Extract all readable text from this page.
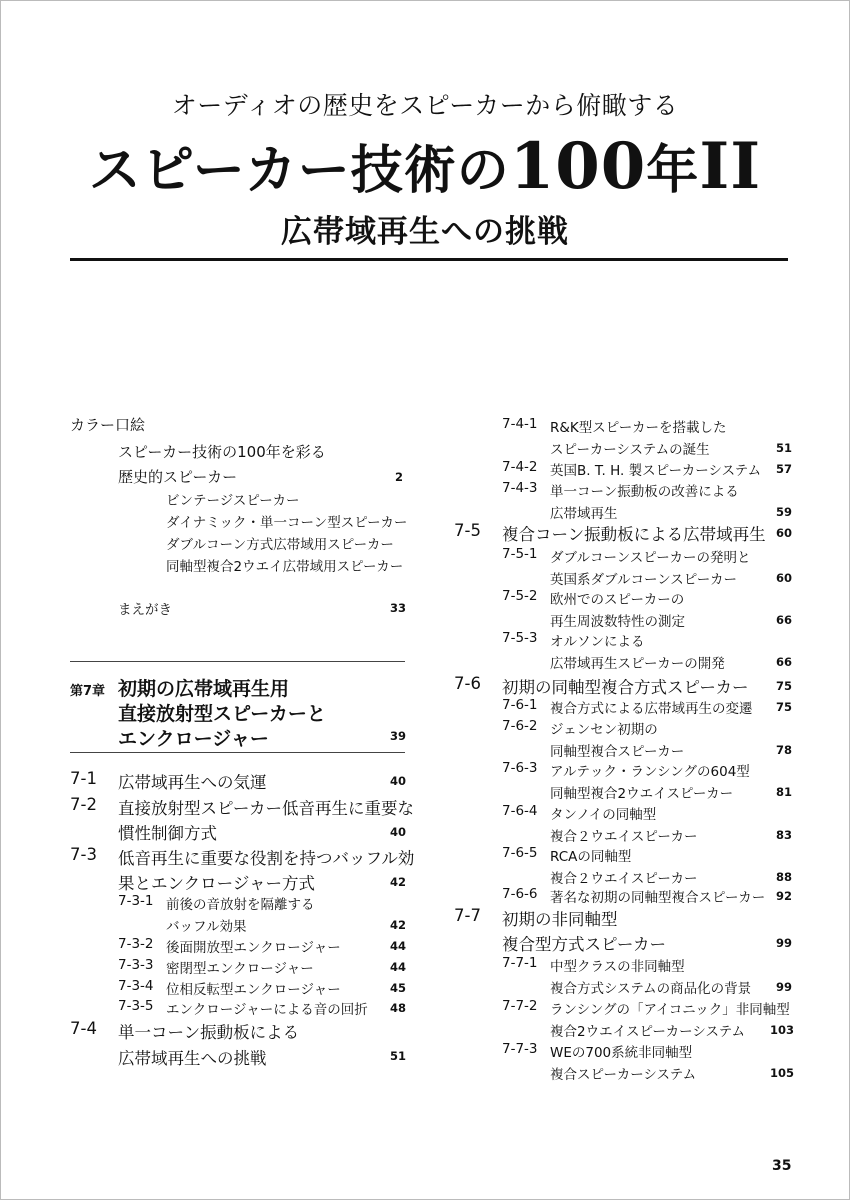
オーディオの歴史をスピーカーから俯瞰する
スピーカー技術の100年II
広帯域再生への挑戦
カラー口絵
スピーカー技術の100年を彩る
歴史的スピーカー	2
ビンテージスピーカー
ダイナミック・単一コーン型スピーカー
ダブルコーン方式広帯域用スピーカー
同軸型複合2ウエイ広帯域用スピーカー
まえがき	33
第7章 初期の広帯域再生用
直接放射型スピーカーと
エンクロージャー	39
7-1 広帯域再生への気運	40
7-2 直接放射型スピーカー低音再生に重要な
慣性制御方式	40
7-3 低音再生に重要な役割を持つバッフル効
果とエンクロージャー方式	42
7-3-1 前後の音放射を隔離する
バッフル効果	42
7-3-2 後面開放型エンクロージャー	44
7-3-3 密閉型エンクロージャー	44
7-3-4 位相反転型エンクロージャー	45
7-3-5 エンクロージャーによる音の回折 48
7-4 単一コーン振動板による
広帯域再生への挑戦	51
7-4-1 R&K型スピーカーを搭載した
スピーカーシステムの誕生	51
7-4-2 英国B. T. H. 製スピーカーシステム 57
7-4-3 単一コーン振動板の改善による
広帯域再生	59
7-5 複合コーン振動板による広帯域再生 60
7-5-1 ダブルコーンスピーカーの発明と
英国系ダブルコーンスピーカー	60
7-5-2 欧州でのスピーカーの
再生周波数特性の測定	66
7-5-3 オルソンによる
広帯域再生スピーカーの開発	66
7-6 初期の同軸型複合方式スピーカー 75
7-6-1 複合方式による広帯域再生の変遷 75
7-6-2 ジェンセン初期の
同軸型複合スピーカー	78
7-6-3 アルテック・ランシングの604型
同軸型複合2ウエイスピーカー	81
7-6-4 タンノイの同軸型
複合２ウエイスピーカー	83
7-6-5 RCAの同軸型
複合２ウエイスピーカー	88
7-6-6 著名な初期の同軸型複合スピーカー 92
7-7 初期の非同軸型
複合型方式スピーカー	99
7-7-1 中型クラスの非同軸型
複合方式システムの商品化の背景 99
7-7-2 ランシングの「アイコニック」非同軸型
複合2ウエイスピーカーシステム 103
7-7-3 WEの700系統非同軸型
複合スピーカーシステム	105
35
